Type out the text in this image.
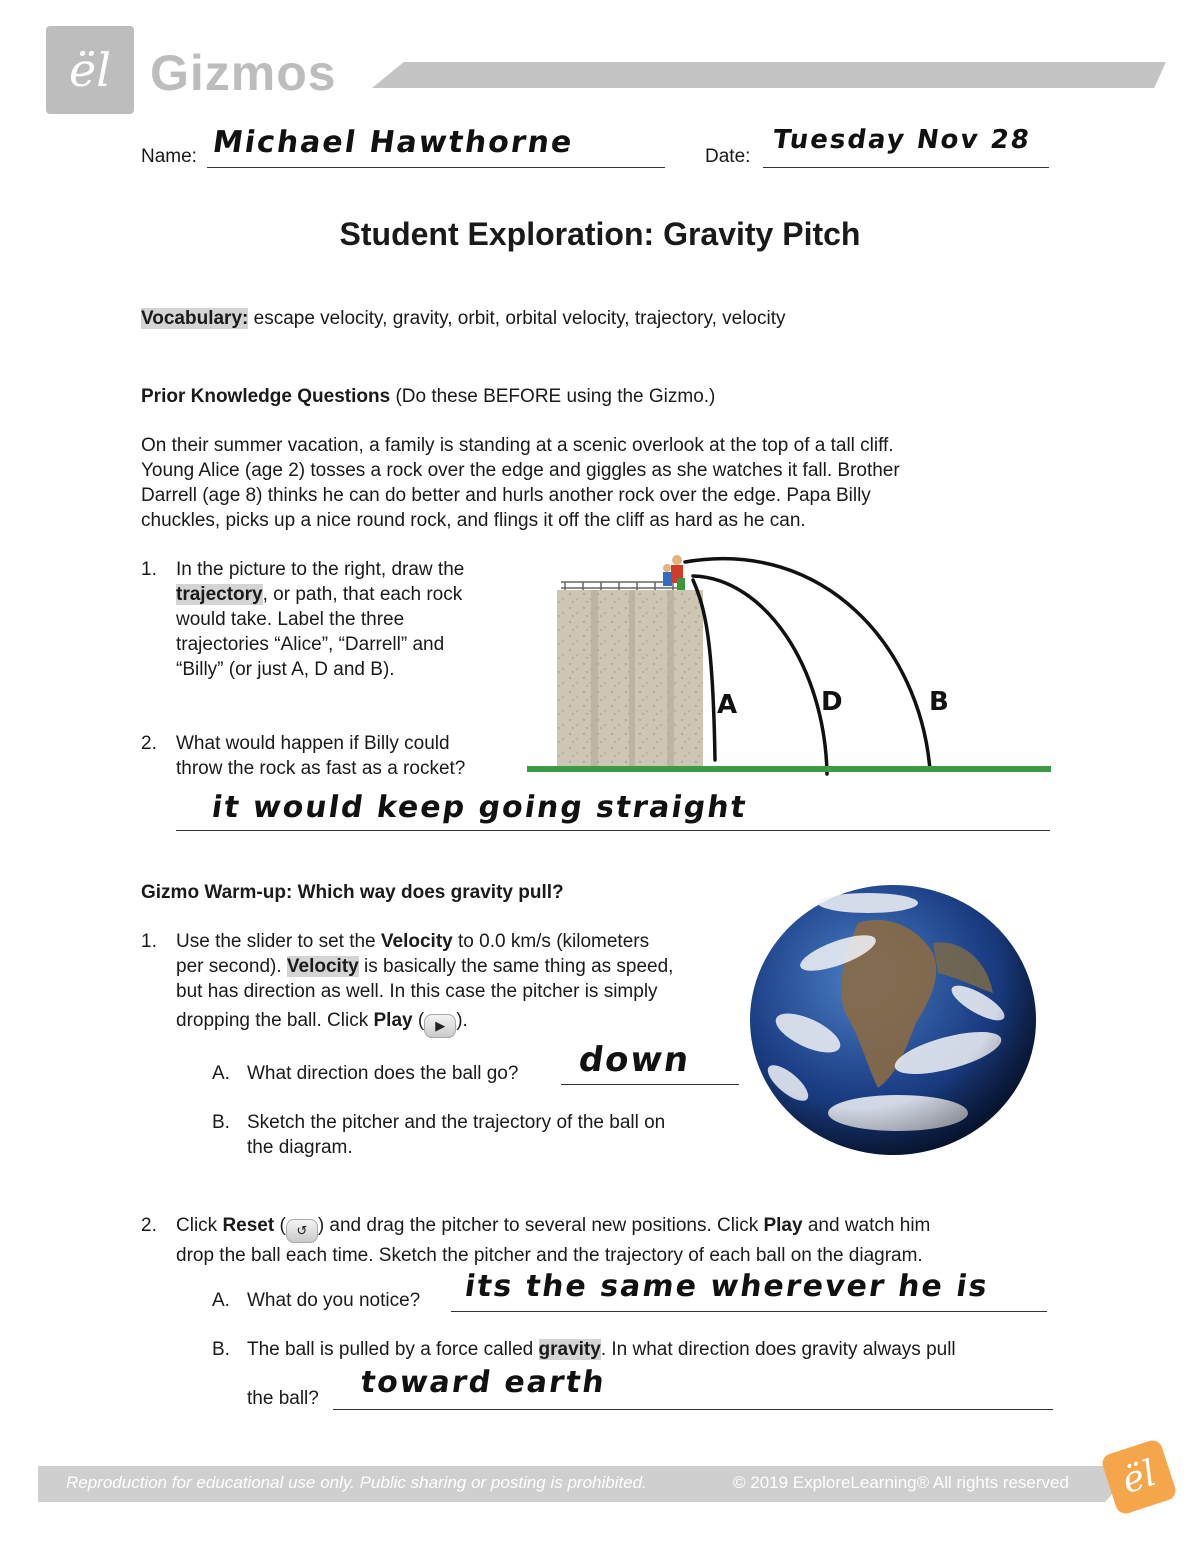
ël Gizmos
Name: Michael Hawthorne	Date:
Tuesday Nov 28
Student Exploration: Gravity Pitch
Vocabulary: escape velocity, gravity, orbit, orbital velocity, trajectory, velocity
Prior Knowledge Questions (Do these BEFORE using the Gizmo.)
On their summer vacation, a family is standing at a scenic overlook at the top of a tall cliff.
Young Alice (age 2) tosses a rock over the edge and giggles as she watches it fall. Brother
Darrell (age 8) thinks he can do better and hurls another rock over the edge. Papa Billy
chuckles, picks up a nice round rock, and flings it off the cliff as hard as he can.
1. In the picture to the right, draw the
trajectory, or path, that each rock
would take. Label the three
trajectories “Alice”, “Darrell” and
“Billy” (or just A, D and B).
A	D	B
2. What would happen if Billy could
throw the rock as fast as a rocket?
it would keep going straight
Gizmo Warm-up: Which way does gravity pull?
1. Use the slider to set the Velocity to 0.0 km/s (kilometers
per second). Velocity is basically the same thing as speed,
but has direction as well. In this case the pitcher is simply
dropping the ball. Click Play ( ▶ ).
A. What direction does the ball go? down
B. Sketch the pitcher and the trajectory of the ball on
the diagram.
2. Click Reset ( ↺ ) and drag the pitcher to several new positions. Click Play and watch him
drop the ball each time. Sketch the pitcher and the trajectory of each ball on the diagram.
A. What do you notice? its the same wherever he is
B. The ball is pulled by a force called gravity. In what direction does gravity always pull
the ball? toward earth
Reproduction for educational use only. Public sharing or posting is prohibited.	© 2019 ExploreLearning® All rights reserved	ël
